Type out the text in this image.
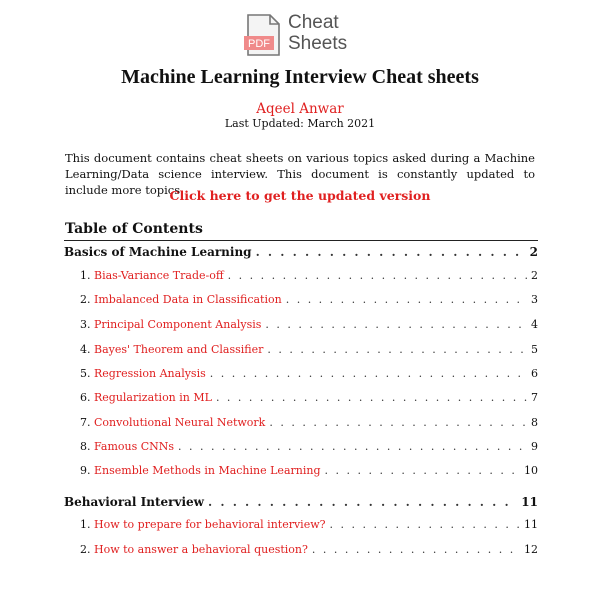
PDF
Cheat
Sheets
Machine Learning Interview Cheat sheets
Aqeel Anwar
Last Updated: March 2021
This document contains cheat sheets on various topics asked during a Machine Learning/Data science interview. This document is constantly updated to include more topics.
Click here to get the updated version
Table of Contents
Basics of Machine Learning . . .	2
1. Bias-Variance Trade-off . . .	2
2. Imbalanced Data in Classification . . .	3
3. Principal Component Analysis . . .	4
4. Bayes' Theorem and Classifier . . .	5
5. Regression Analysis . . .	6
6. Regularization in ML . . .	7
7. Convolutional Neural Network . . .	8
8. Famous CNNs . . .	9
9. Ensemble Methods in Machine Learning . . .	10
Behavioral Interview . . .	11
1. How to prepare for behavioral interview? . . .	11
2. How to answer a behavioral question? . . .	12
